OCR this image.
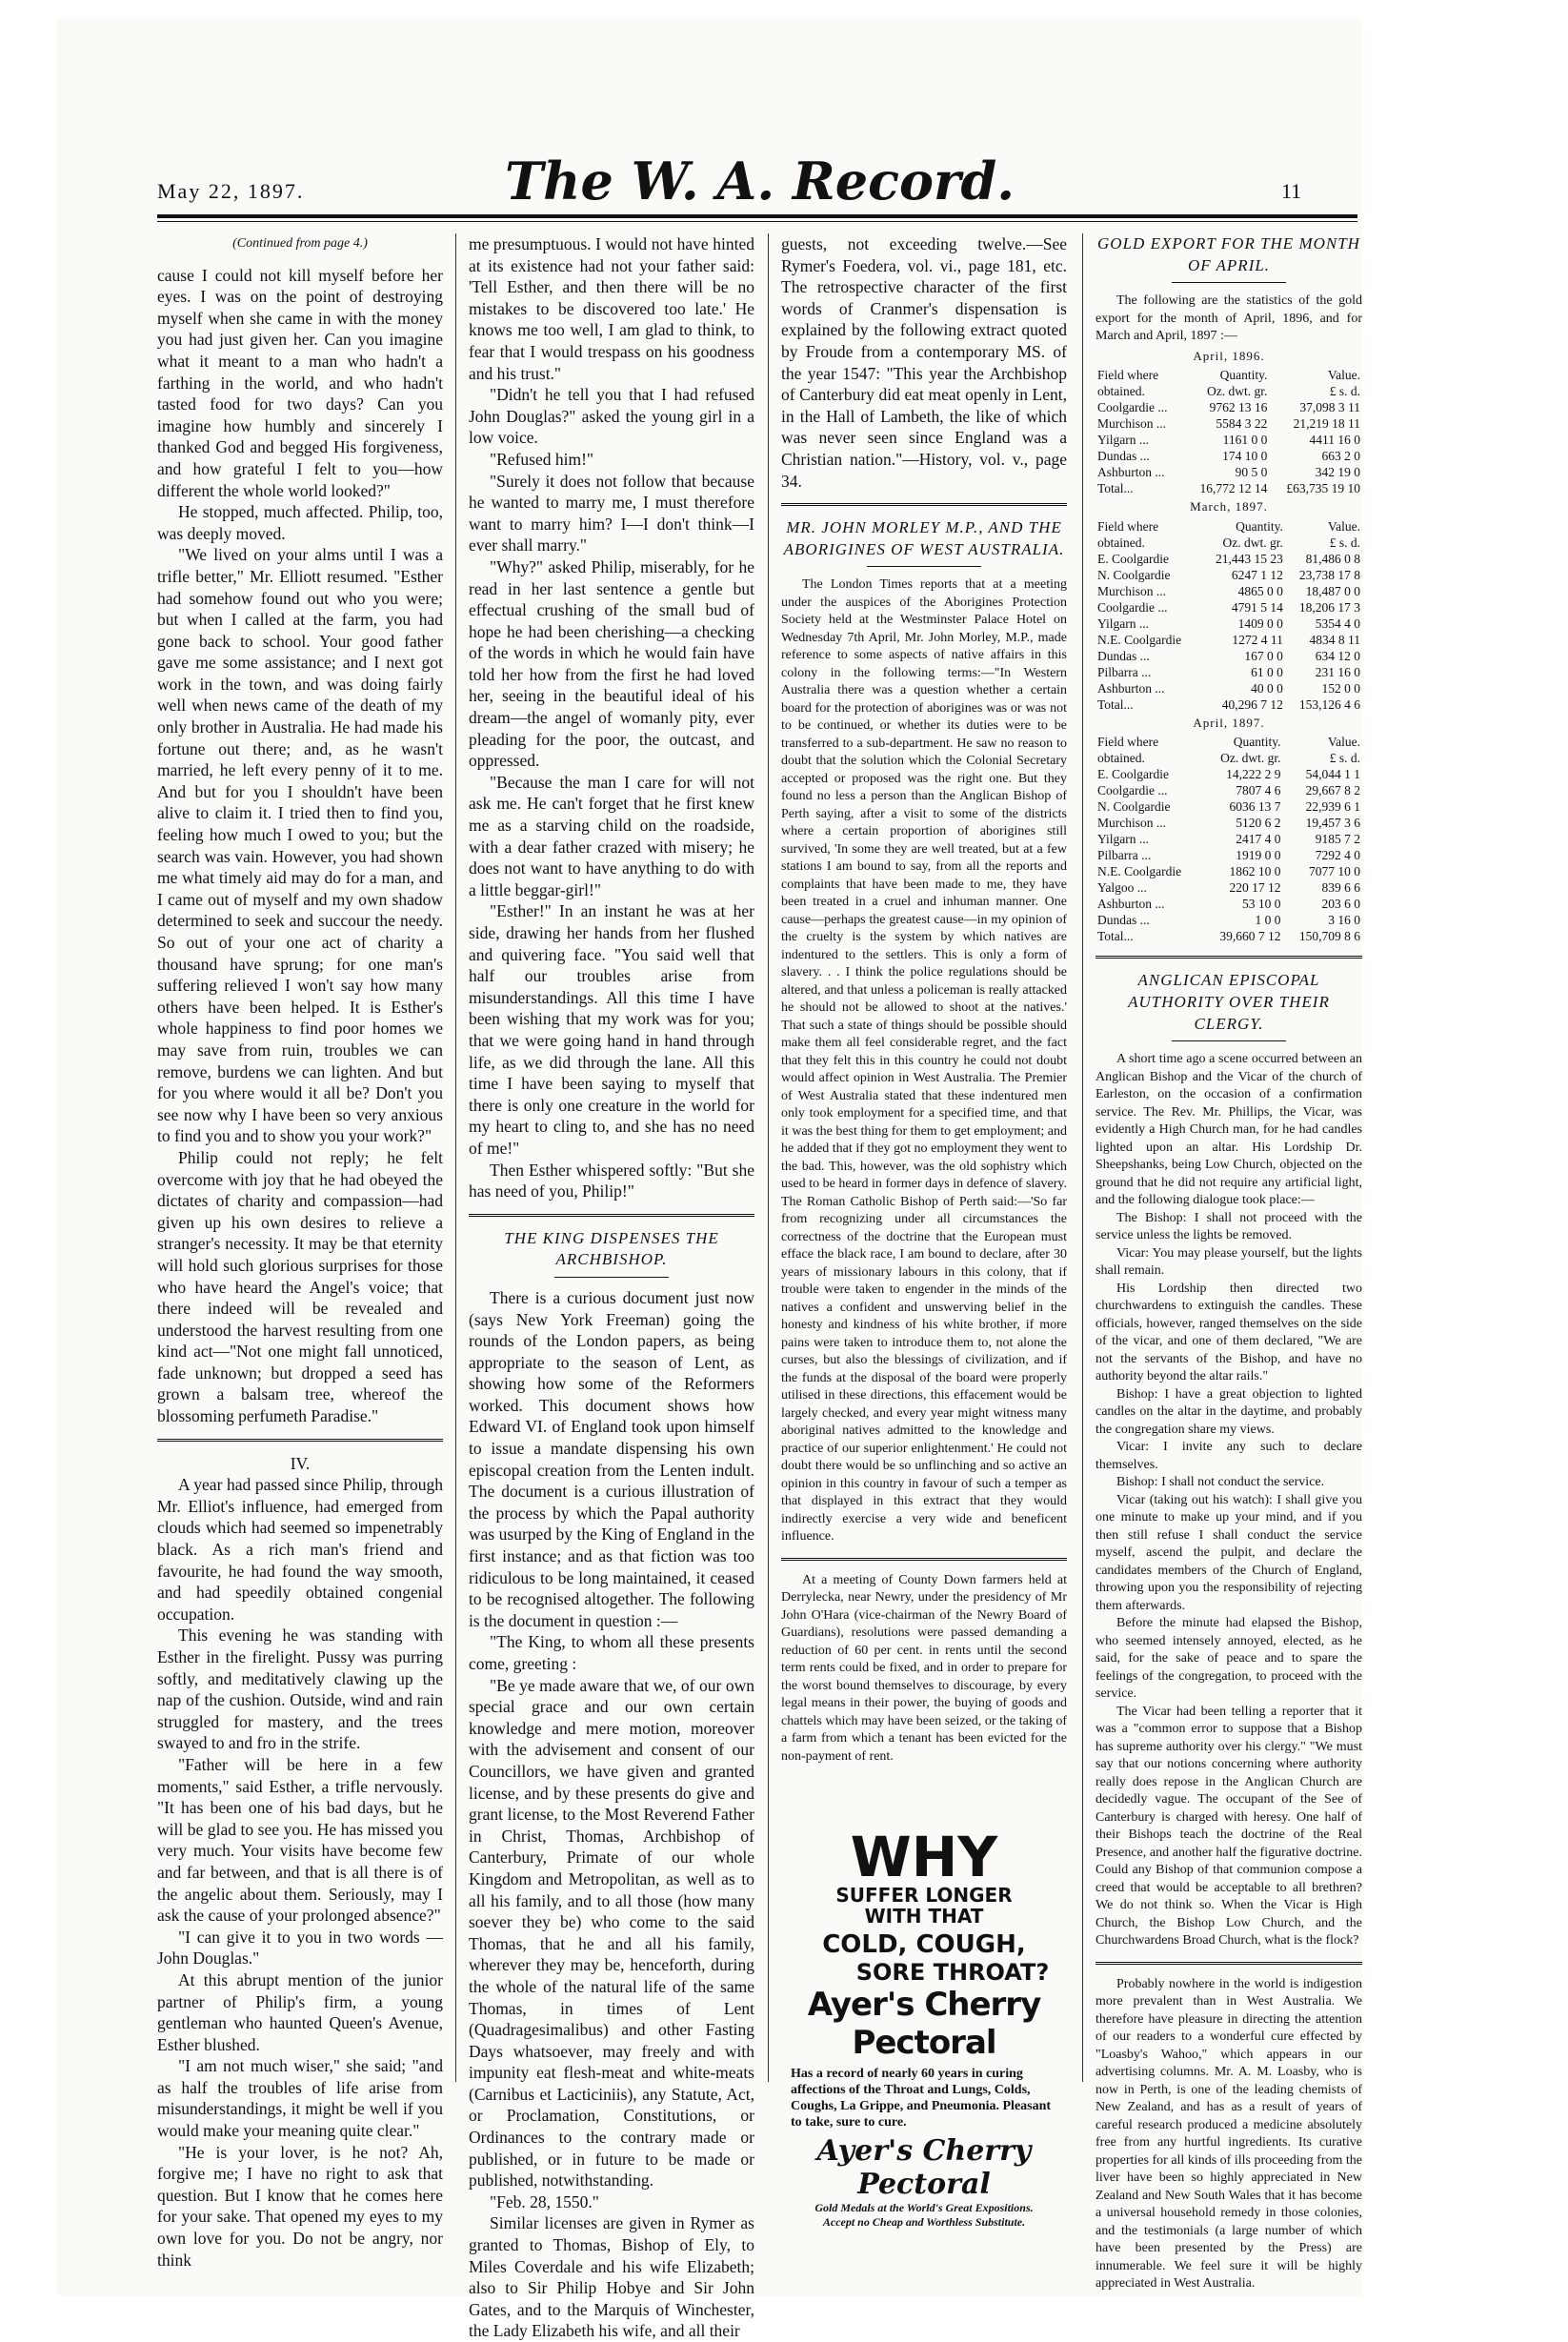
May 22, 1897.	The W. A. Record.	11
(Continued from page 4.)

cause I could not kill myself before her eyes. I was on the point of destroying myself when she came in with the money you had just given her. Can you imagine what it meant to a man who hadn't a farthing in the world, and who hadn't tasted food for two days? Can you imagine how humbly and sincerely I thanked God and begged His forgiveness, and how grateful I felt to you—how different the whole world looked?"

He stopped, much affected. Philip, too, was deeply moved.

"We lived on your alms until I was a trifle better," Mr. Elliott resumed. "Esther had somehow found out who you were; but when I called at the farm, you had gone back to school. Your good father gave me some assistance; and I next got work in the town, and was doing fairly well when news came of the death of my only brother in Australia. He had made his fortune out there; and, as he wasn't married, he left every penny of it to me. And but for you I shouldn't have been alive to claim it. I tried then to find you, feeling how much I owed to you; but the search was vain. However, you had shown me what timely aid may do for a man, and I came out of myself and my own shadow determined to seek and succour the needy. So out of your one act of charity a thousand have sprung; for one man's suffering relieved I won't say how many others have been helped. It is Esther's whole happiness to find poor homes we may save from ruin, troubles we can remove, burdens we can lighten. And but for you where would it all be? Don't you see now why I have been so very anxious to find you and to show you your work?"

Philip could not reply; he felt overcome with joy that he had obeyed the dictates of charity and compassion—had given up his own desires to relieve a stranger's necessity. It may be that eternity will hold such glorious surprises for those who have heard the Angel's voice; that there indeed will be revealed and understood the harvest resulting from one kind act—"Not one might fall unnoticed, fade unknown; but dropped a seed has grown a balsam tree, whereof the blossoming perfumeth Paradise."

IV.

A year had passed since Philip, through Mr. Elliot's influence, had emerged from clouds which had seemed so impenetrably black. As a rich man's friend and favourite, he had found the way smooth, and had speedily obtained congenial occupation.

This evening he was standing with Esther in the firelight. Pussy was purring softly, and meditatively clawing up the nap of the cushion. Outside, wind and rain struggled for mastery, and the trees swayed to and fro in the strife.

"Father will be here in a few moments," said Esther, a trifle nervously. "It has been one of his bad days, but he will be glad to see you. He has missed you very much. Your visits have become few and far between, and that is all there is of the angelic about them. Seriously, may I ask the cause of your prolonged absence?"

"I can give it to you in two words —John Douglas."

At this abrupt mention of the junior partner of Philip's firm, a young gentleman who haunted Queen's Avenue, Esther blushed.

"I am not much wiser," she said; "and as half the troubles of life arise from misunderstandings, it might be well if you would make your meaning quite clear."

"He is your lover, is he not? Ah, forgive me; I have no right to ask that question. But I know that he comes here for your sake. That opened my eyes to my own love for you. Do not be angry, nor think

me presumptuous. I would not have hinted at its existence had not your father said: 'Tell Esther, and then there will be no mistakes to be discovered too late.' He knows me too well, I am glad to think, to fear that I would trespass on his goodness and his trust."

"Didn't he tell you that I had refused John Douglas?" asked the young girl in a low voice.

"Refused him!"

"Surely it does not follow that because he wanted to marry me, I must therefore want to marry him? I—I don't think—I ever shall marry."

"Why?" asked Philip, miserably, for he read in her last sentence a gentle but effectual crushing of the small bud of hope he had been cherishing—a checking of the words in which he would fain have told her how from the first he had loved her, seeing in the beautiful ideal of his dream—the angel of womanly pity, ever pleading for the poor, the outcast, and oppressed.

"Because the man I care for will not ask me. He can't forget that he first knew me as a starving child on the roadside, with a dear father crazed with misery; he does not want to have anything to do with a little beggar-girl!"

"Esther!" In an instant he was at her side, drawing her hands from her flushed and quivering face. "You said well that half our troubles arise from misunderstandings. All this time I have been wishing that my work was for you; that we were going hand in hand through life, as we did through the lane. All this time I have been saying to myself that there is only one creature in the world for my heart to cling to, and she has no need of me!"

Then Esther whispered softly: "But she has need of you, Philip!"

THE KING DISPENSES THE ARCHBISHOP.

There is a curious document just now (says New York Freeman) going the rounds of the London papers, as being appropriate to the season of Lent, as showing how some of the Reformers worked. This document shows how Edward VI. of England took upon himself to issue a mandate dispensing his own episcopal creation from the Lenten indult. The document is a curious illustration of the process by which the Papal authority was usurped by the King of England in the first instance; and as that fiction was too ridiculous to be long maintained, it ceased to be recognised altogether. The following is the document in question :—

"The King, to whom all these presents come, greeting :

"Be ye made aware that we, of our own special grace and our own certain knowledge and mere motion, moreover with the advisement and consent of our Councillors, we have given and granted license, and by these presents do give and grant license, to the Most Reverend Father in Christ, Thomas, Archbishop of Canterbury, Primate of our whole Kingdom and Metropolitan, as well as to all his family, and to all those (how many soever they be) who come to the said Thomas, that he and all his family, wherever they may be, henceforth, during the whole of the natural life of the same Thomas, in times of Lent (Quadragesimalibus) and other Fasting Days whatsoever, may freely and with impunity eat flesh-meat and white-meats (Carnibus et Lacticiniis), any Statute, Act, or Proclamation, Constitutions, or Ordinances to the contrary made or published, or in future to be made or published, notwithstanding.

"Feb. 28, 1550."

Similar licenses are given in Rymer as granted to Thomas, Bishop of Ely, to Miles Coverdale and his wife Elizabeth; also to Sir Philip Hobye and Sir John Gates, and to the Marquis of Winchester, the Lady Elizabeth his wife, and all their

guests, not exceeding twelve.—See Rymer's Foedera, vol. vi., page 181, etc. The retrospective character of the first words of Cranmer's dispensation is explained by the following extract quoted by Froude from a contemporary MS. of the year 1547: "This year the Archbishop of Canterbury did eat meat openly in Lent, in the Hall of Lambeth, the like of which was never seen since England was a Christian nation."—History, vol. v., page 34.

MR. JOHN MORLEY M.P., AND THE ABORIGINES OF WEST AUSTRALIA.

The London Times reports that at a meeting under the auspices of the Aborigines Protection Society held at the Westminster Palace Hotel on Wednesday 7th April, Mr. John Morley, M.P., made reference to some aspects of native affairs in this colony in the following terms:—"In Western Australia there was a question whether a certain board for the protection of aborigines was or was not to be continued, or whether its duties were to be transferred to a sub-department. He saw no reason to doubt that the solution which the Colonial Secretary accepted or proposed was the right one. But they found no less a person than the Anglican Bishop of Perth saying, after a visit to some of the districts where a certain proportion of aborigines still survived, 'In some they are well treated, but at a few stations I am bound to say, from all the reports and complaints that have been made to me, they have been treated in a cruel and inhuman manner. One cause—perhaps the greatest cause—in my opinion of the cruelty is the system by which natives are indentured to the settlers. This is only a form of slavery. . . I think the police regulations should be altered, and that unless a policeman is really attacked he should not be allowed to shoot at the natives.' That such a state of things should be possible should make them all feel considerable regret, and the fact that they felt this in this country he could not doubt would affect opinion in West Australia. The Premier of West Australia stated that these indentured men only took employment for a specified time, and that it was the best thing for them to get employment; and he added that if they got no employment they went to the bad. This, however, was the old sophistry which used to be heard in former days in defence of slavery. The Roman Catholic Bishop of Perth said:—'So far from recognizing under all circumstances the correctness of the doctrine that the European must efface the black race, I am bound to declare, after 30 years of missionary labours in this colony, that if trouble were taken to engender in the minds of the natives a confident and unswerving belief in the honesty and kindness of his white brother, if more pains were taken to introduce them to, not alone the curses, but also the blessings of civilization, and if the funds at the disposal of the board were properly utilised in these directions, this effacement would be largely checked, and every year might witness many aboriginal natives admitted to the knowledge and practice of our superior enlightenment.' He could not doubt there would be so unflinching and so active an opinion in this country in favour of such a temper as that displayed in this extract that they would indirectly exercise a very wide and beneficent influence.

At a meeting of County Down farmers held at Derrylecka, near Newry, under the presidency of Mr John O'Hara (vice-chairman of the Newry Board of Guardians), resolutions were passed demanding a reduction of 60 per cent. in rents until the second term rents could be fixed, and in order to prepare for the worst bound themselves to discourage, by every legal means in their power, the buying of goods and chattels which may have been seized, or the taking of a farm from which a tenant has been evicted for the non-payment of rent.

WHY SUFFER LONGER
WITH THAT
COLD, COUGH,
SORE THROAT?
Ayer's Cherry Pectoral
Has a record of nearly 60 years in curing affections of the Throat and Lungs, Colds, Coughs, La Grippe, and Pneumonia. Pleasant to take, sure to cure.
Ayer's Cherry Pectoral
Gold Medals at the World's Great Expositions.
Accept no Cheap and Worthless Substitute.
GOLD EXPORT FOR THE MONTH OF APRIL.

The following are the statistics of the gold export for the month of April, 1896, and for March and April, 1897 :—

April, 1896.
Field where	Quantity.	Value.
obtained.	Oz. dwt. gr.	£ s. d.
Coolgardie ...	9762 13 16	37,098 3 11
Murchison ...	5584 3 22	21,219 18 11
Yilgarn ...	1161 0 0	4411 16 0
Dundas ...	174 10 0	663 2 0
Ashburton ...	90 5 0	342 19 0
Total...	16,772 12 14	£63,735 19 10
March, 1897.
Field where	Quantity.	Value.
obtained.	Oz. dwt. gr.	£ s. d.
E. Coolgardie	21,443 15 23	81,486 0 8
N. Coolgardie	6247 1 12	23,738 17 8
Murchison ...	4865 0 0	18,487 0 0
Coolgardie ...	4791 5 14	18,206 17 3
Yilgarn ...	1409 0 0	5354 4 0
N.E. Coolgardie	1272 4 11	4834 8 11
Dundas ...	167 0 0	634 12 0
Pilbarra ...	61 0 0	231 16 0
Ashburton ...	40 0 0	152 0 0
Total...	40,296 7 12	153,126 4 6
April, 1897.
Field where	Quantity.	Value.
obtained.	Oz. dwt. gr.	£ s. d.
E. Coolgardie	14,222 2 9	54,044 1 1
Coolgardie ...	7807 4 6	29,667 8 2
N. Coolgardie	6036 13 7	22,939 6 1
Murchison ...	5120 6 2	19,457 3 6
Yilgarn ...	2417 4 0	9185 7 2
Pilbarra ...	1919 0 0	7292 4 0
N.E. Coolgardie	1862 10 0	7077 10 0
Yalgoo ...	220 17 12	839 6 6
Ashburton ...	53 10 0	203 6 0
Dundas ...	1 0 0	3 16 0
Total...	39,660 7 12	150,709 8 6
ANGLICAN EPISCOPAL AUTHORITY OVER THEIR CLERGY.

A short time ago a scene occurred between an Anglican Bishop and the Vicar of the church of Earleston, on the occasion of a confirmation service. The Rev. Mr. Phillips, the Vicar, was evidently a High Church man, for he had candles lighted upon an altar. His Lordship Dr. Sheepshanks, being Low Church, objected on the ground that he did not require any artificial light, and the following dialogue took place:—

The Bishop: I shall not proceed with the service unless the lights be removed.

Vicar: You may please yourself, but the lights shall remain.

His Lordship then directed two churchwardens to extinguish the candles. These officials, however, ranged themselves on the side of the vicar, and one of them declared, "We are not the servants of the Bishop, and have no authority beyond the altar rails."

Bishop: I have a great objection to lighted candles on the altar in the daytime, and probably the congregation share my views.

Vicar: I invite any such to declare themselves.

Bishop: I shall not conduct the service.

Vicar (taking out his watch): I shall give you one minute to make up your mind, and if you then still refuse I shall conduct the service myself, ascend the pulpit, and declare the candidates members of the Church of England, throwing upon you the responsibility of rejecting them afterwards.

Before the minute had elapsed the Bishop, who seemed intensely annoyed, elected, as he said, for the sake of peace and to spare the feelings of the congregation, to proceed with the service.

The Vicar had been telling a reporter that it was a "common error to suppose that a Bishop has supreme authority over his clergy." "We must say that our notions concerning where authority really does repose in the Anglican Church are decidedly vague. The occupant of the See of Canterbury is charged with heresy. One half of their Bishops teach the doctrine of the Real Presence, and another half the figurative doctrine. Could any Bishop of that communion compose a creed that would be acceptable to all brethren? We do not think so. When the Vicar is High Church, the Bishop Low Church, and the Churchwardens Broad Church, what is the flock?

Probably nowhere in the world is indigestion more prevalent than in West Australia. We therefore have pleasure in directing the attention of our readers to a wonderful cure effected by "Loasby's Wahoo," which appears in our advertising columns. Mr. A. M. Loasby, who is now in Perth, is one of the leading chemists of New Zealand, and has as a result of years of careful research produced a medicine absolutely free from any hurtful ingredients. Its curative properties for all kinds of ills proceeding from the liver have been so highly appreciated in New Zealand and New South Wales that it has become a universal household remedy in those colonies, and the testimonials (a large number of which have been presented by the Press) are innumerable. We feel sure it will be highly appreciated in West Australia.
